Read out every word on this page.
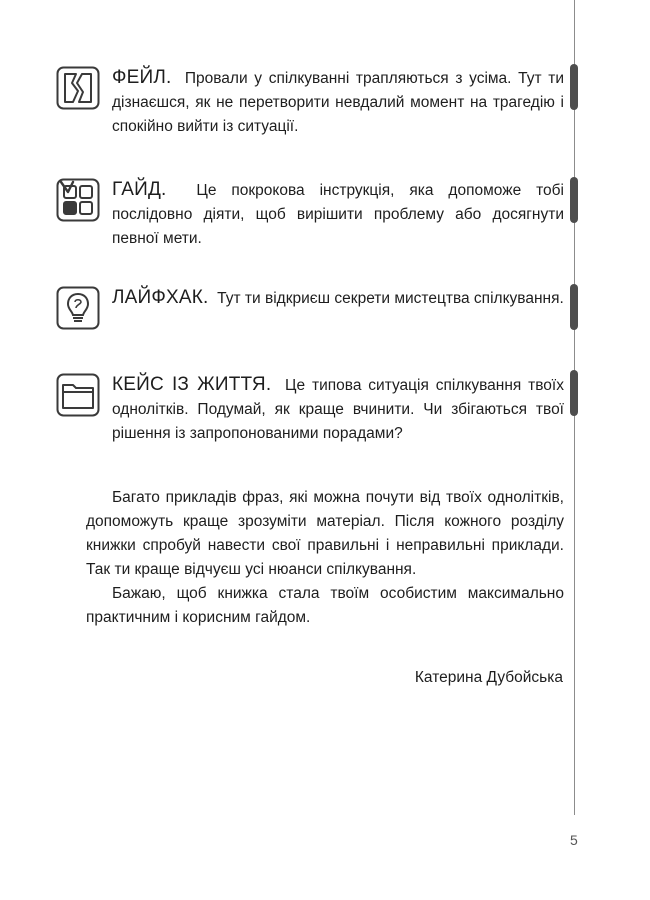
ФЕЙЛ. Провали у спілкуванні трапляються з усіма. Тут ти дізнаєшся, як не перетворити невдалий момент на трагедію і спокійно вийти із ситуації.
ГАЙД. Це покрокова інструкція, яка допоможе тобі послідовно діяти, щоб вирішити проблему або досягнути певної мети.
ЛАЙФХАК. Тут ти відкриєш секрети мистецтва спілкування.
КЕЙС ІЗ ЖИТТЯ. Це типова ситуація спілкування твоїх однолітків. Подумай, як краще вчинити. Чи збігаються твої рішення із запропонованими порадами?

Багато прикладів фраз, які можна почути від твоїх однолітків, допоможуть краще зрозуміти матеріал. Після кожного розділу книжки спробуй навести свої правильні і неправильні приклади. Так ти краще відчуєш усі нюанси спілкування.

Бажаю, щоб книжка стала твоїм особистим максимально практичним і корисним гайдом.

Катерина Дубойська
5
